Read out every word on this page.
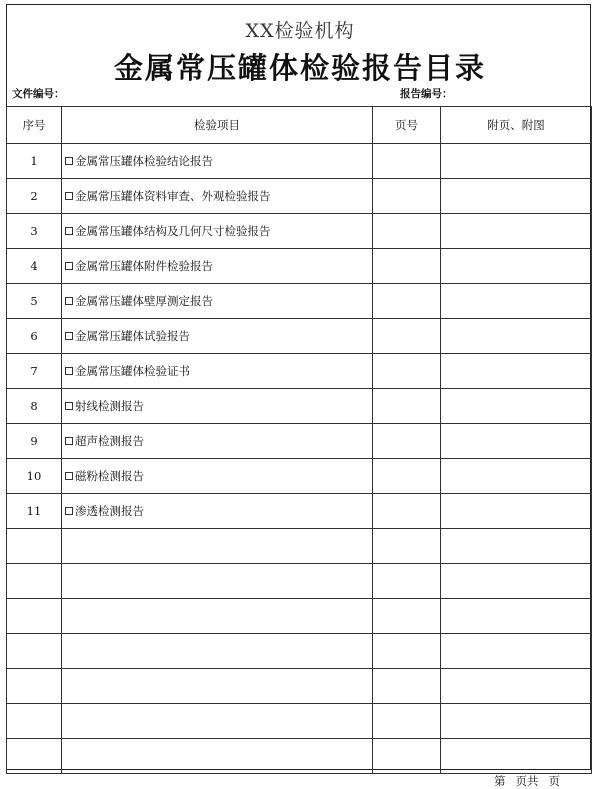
XX检验机构
金属常压罐体检验报告目录
文件编号：	报告编号：
序号	检验项目	页号	附页、附图
1	金属常压罐体检验结论报告		
2	金属常压罐体资料审查、外观检验报告		
3	金属常压罐体结构及几何尺寸检验报告		
4	金属常压罐体附件检验报告		
5	金属常压罐体壁厚测定报告		
6	金属常压罐体试验报告		
7	金属常压罐体检验证书		
8	射线检测报告		
9	超声检测报告		
10	磁粉检测报告		
11	渗透检测报告		

第 页共 页
